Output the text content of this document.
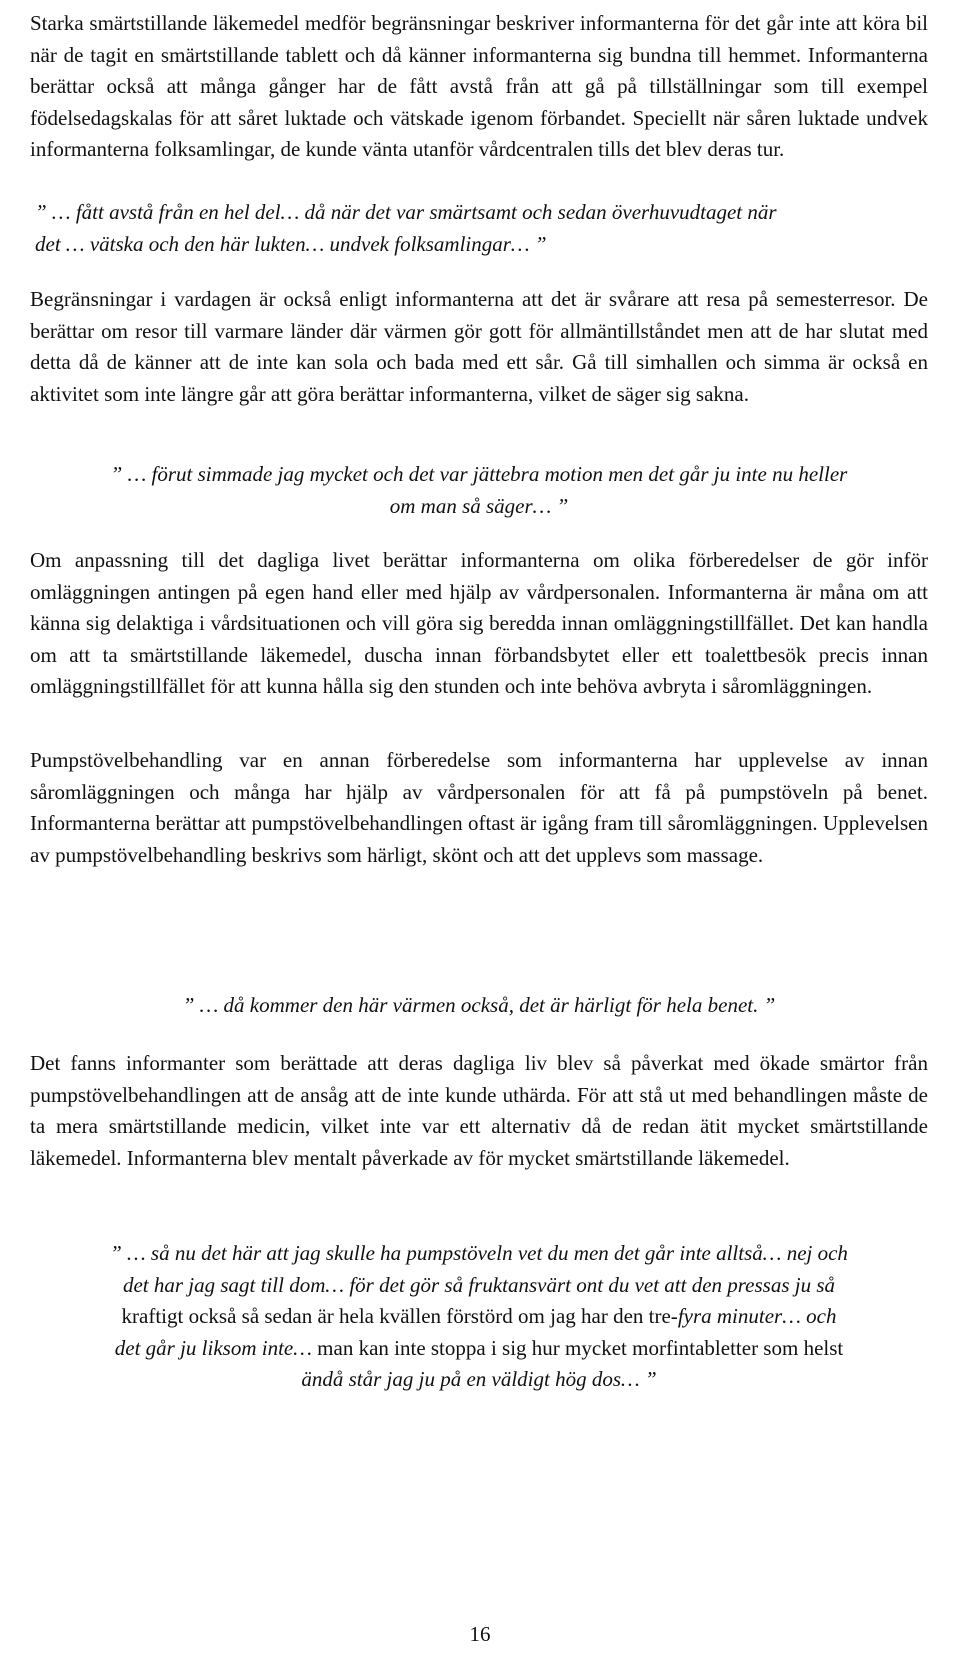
Starka smärtstillande läkemedel medför begränsningar beskriver informanterna för det går inte att köra bil när de tagit en smärtstillande tablett och då känner informanterna sig bundna till hemmet. Informanterna berättar också att många gånger har de fått avstå från att gå på tillställningar som till exempel födelsedagskalas för att såret luktade och vätskade igenom förbandet. Speciellt när såren luktade undvek informanterna folksamlingar, de kunde vänta utanför vårdcentralen tills det blev deras tur.

” … fått avstå från en hel del… då när det var smärtsamt och sedan överhuvudtaget när
det … vätska och den här lukten… undvek folksamlingar… ”

Begränsningar i vardagen är också enligt informanterna att det är svårare att resa på semesterresor. De berättar om resor till varmare länder där värmen gör gott för allmäntillståndet men att de har slutat med detta då de känner att de inte kan sola och bada med ett sår. Gå till simhallen och simma är också en aktivitet som inte längre går att göra berättar informanterna, vilket de säger sig sakna.

” … förut simmade jag mycket och det var jättebra motion men det går ju inte nu heller
om man så säger… ”

Om anpassning till det dagliga livet berättar informanterna om olika förberedelser de gör inför omläggningen antingen på egen hand eller med hjälp av vårdpersonalen. Informanterna är måna om att känna sig delaktiga i vårdsituationen och vill göra sig beredda innan omläggningstillfället. Det kan handla om att ta smärtstillande läkemedel, duscha innan förbandsbytet eller ett toalettbesök precis innan omläggningstillfället för att kunna hålla sig den stunden och inte behöva avbryta i såromläggningen.

Pumpstövelbehandling var en annan förberedelse som informanterna har upplevelse av innan såromläggningen och många har hjälp av vårdpersonalen för att få på pumpstöveln på benet. Informanterna berättar att pumpstövelbehandlingen oftast är igång fram till såromläggningen. Upplevelsen av pumpstövelbehandling beskrivs som härligt, skönt och att det upplevs som massage.

” … då kommer den här värmen också, det är härligt för hela benet. ”

Det fanns informanter som berättade att deras dagliga liv blev så påverkat med ökade smärtor från pumpstövelbehandlingen att de ansåg att de inte kunde uthärda. För att stå ut med behandlingen måste de ta mera smärtstillande medicin, vilket inte var ett alternativ då de redan ätit mycket smärtstillande läkemedel. Informanterna blev mentalt påverkade av för mycket smärtstillande läkemedel.

” … så nu det här att jag skulle ha pumpstöveln vet du men det går inte alltså… nej och
det har jag sagt till dom… för det gör så fruktansvärt ont du vet att den pressas ju så
kraftigt också så sedan är hela kvällen förstörd om jag har den tre-fyra minuter… och
det går ju liksom inte… man kan inte stoppa i sig hur mycket morfintabletter som helst
ändå står jag ju på en väldigt hög dos… ”
16
